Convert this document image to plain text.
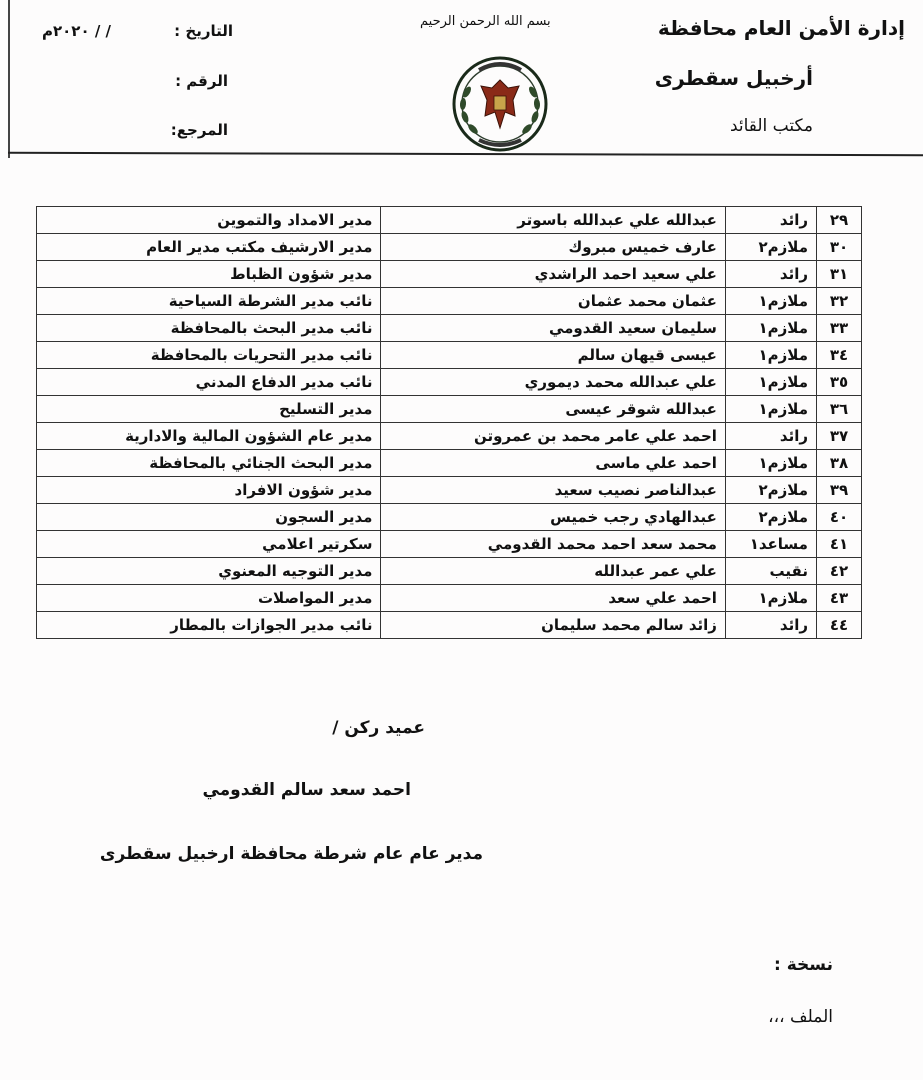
إدارة الأمن العام محافظة
أرخبيل سقطرى
مكتب القائد
بسم الله الرحمن الرحيم
التاريخ :
/ / ٢٠٢٠م
الرقم :
المرجع:
٢٩	رائد	عبدالله علي عبدالله باسوتر	مدير الامداد والتموين
٣٠	ملازم٢	عارف خميس مبروك	مدير الارشيف مكتب مدير العام
٣١	رائد	علي سعيد احمد الراشدي	مدير شؤون الظباط
٣٢	ملازم١	عثمان محمد عثمان	نائب مدير الشرطة السياحية
٣٣	ملازم١	سليمان سعيد القدومي	نائب مدير البحث بالمحافظة
٣٤	ملازم١	عيسى قيهان سالم	نائب مدير التحريات بالمحافظة
٣٥	ملازم١	علي عبدالله محمد ديموري	نائب مدير الدفاع المدني
٣٦	ملازم١	عبدالله شوقر عيسى	مدير التسليح
٣٧	رائد	احمد علي عامر محمد بن عمروتن	مدير عام الشؤون المالية والادارية
٣٨	ملازم١	احمد علي ماسى	مدير البحث الجنائي بالمحافظة
٣٩	ملازم٢	عبدالناصر نصيب سعيد	مدير شؤون الافراد
٤٠	ملازم٢	عبدالهادي رجب خميس	مدير السجون
٤١	مساعد١	محمد سعد احمد محمد القدومي	سكرتير اعلامي
٤٢	نقيب	علي عمر عبدالله	مدير التوجيه المعنوي
٤٣	ملازم١	احمد علي سعد	مدير المواصلات
٤٤	رائد	زائد سالم محمد سليمان	نائب مدير الجوازات بالمطار
عميد ركن /
احمد سعد سالم القدومي
مدير عام عام شرطة محافظة ارخبيل سقطرى
نسخة :
الملف ،،،
